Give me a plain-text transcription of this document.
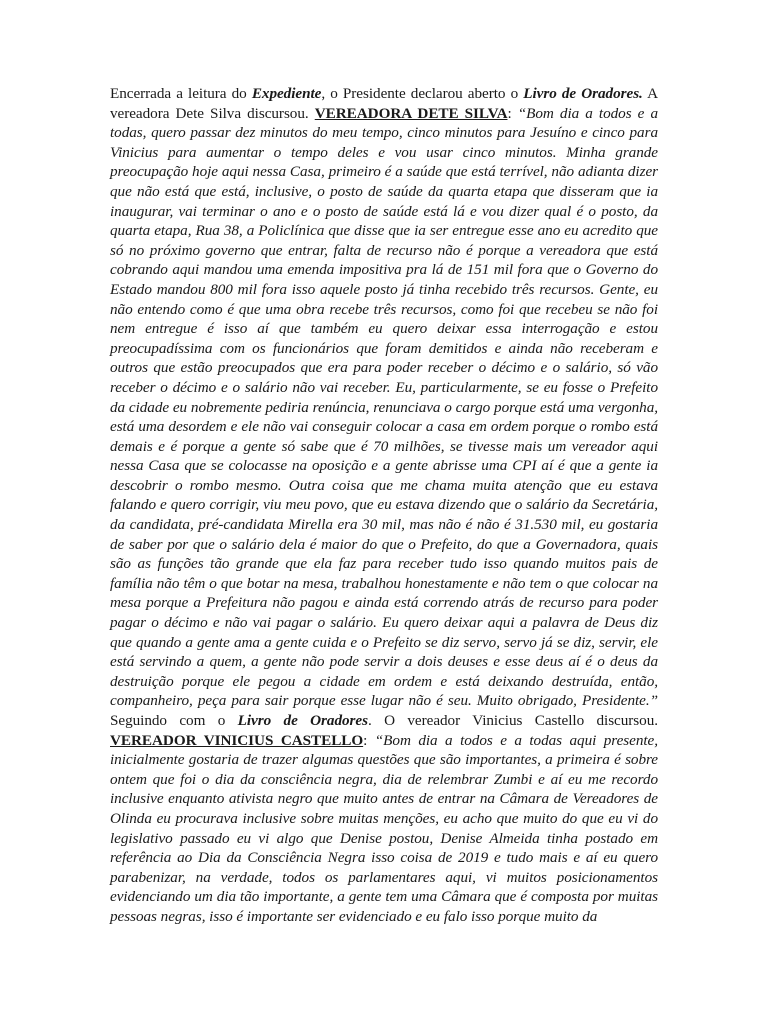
Encerrada a leitura do Expediente, o Presidente declarou aberto o Livro de Oradores. A vereadora Dete Silva discursou. VEREADORA DETE SILVA: “Bom dia a todos e a todas, quero passar dez minutos do meu tempo, cinco minutos para Jesuíno e cinco para Vinicius para aumentar o tempo deles e vou usar cinco minutos. Minha grande preocupação hoje aqui nessa Casa, primeiro é a saúde que está terrível, não adianta dizer que não está que está, inclusive, o posto de saúde da quarta etapa que disseram que ia inaugurar, vai terminar o ano e o posto de saúde está lá e vou dizer qual é o posto, da quarta etapa, Rua 38, a Policlínica que disse que ia ser entregue esse ano eu acredito que só no próximo governo que entrar, falta de recurso não é porque a vereadora que está cobrando aqui mandou uma emenda impositiva pra lá de 151 mil fora que o Governo do Estado mandou 800 mil fora isso aquele posto já tinha recebido três recursos. Gente, eu não entendo como é que uma obra recebe três recursos, como foi que recebeu se não foi nem entregue é isso aí que também eu quero deixar essa interrogação e estou preocupadíssima com os funcionários que foram demitidos e ainda não receberam e outros que estão preocupados que era para poder receber o décimo e o salário, só vão receber o décimo e o salário não vai receber. Eu, particularmente, se eu fosse o Prefeito da cidade eu nobremente pediria renúncia, renunciava o cargo porque está uma vergonha, está uma desordem e ele não vai conseguir colocar a casa em ordem porque o rombo está demais e é porque a gente só sabe que é 70 milhões, se tivesse mais um vereador aqui nessa Casa que se colocasse na oposição e a gente abrisse uma CPI aí é que a gente ia descobrir o rombo mesmo. Outra coisa que me chama muita atenção que eu estava falando e quero corrigir, viu meu povo, que eu estava dizendo que o salário da Secretária, da candidata, pré-candidata Mirella era 30 mil, mas não é não é 31.530 mil, eu gostaria de saber por que o salário dela é maior do que o Prefeito, do que a Governadora, quais são as funções tão grande que ela faz para receber tudo isso quando muitos pais de família não têm o que botar na mesa, trabalhou honestamente e não tem o que colocar na mesa porque a Prefeitura não pagou e ainda está correndo atrás de recurso para poder pagar o décimo e não vai pagar o salário. Eu quero deixar aqui a palavra de Deus diz que quando a gente ama a gente cuida e o Prefeito se diz servo, servo já se diz, servir, ele está servindo a quem, a gente não pode servir a dois deuses e esse deus aí é o deus da destruição porque ele pegou a cidade em ordem e está deixando destruída, então, companheiro, peça para sair porque esse lugar não é seu. Muito obrigado, Presidente.” Seguindo com o Livro de Oradores. O vereador Vinicius Castello discursou. VEREADOR VINICIUS CASTELLO: “Bom dia a todos e a todas aqui presente, inicialmente gostaria de trazer algumas questões que são importantes, a primeira é sobre ontem que foi o dia da consciência negra, dia de relembrar Zumbi e aí eu me recordo inclusive enquanto ativista negro que muito antes de entrar na Câmara de Vereadores de Olinda eu procurava inclusive sobre muitas menções, eu acho que muito do que eu vi do legislativo passado eu vi algo que Denise postou, Denise Almeida tinha postado em referência ao Dia da Consciência Negra isso coisa de 2019 e tudo mais e aí eu quero parabenizar, na verdade, todos os parlamentares aqui, vi muitos posicionamentos evidenciando um dia tão importante, a gente tem uma Câmara que é composta por muitas pessoas negras, isso é importante ser evidenciado e eu falo isso porque muito da
